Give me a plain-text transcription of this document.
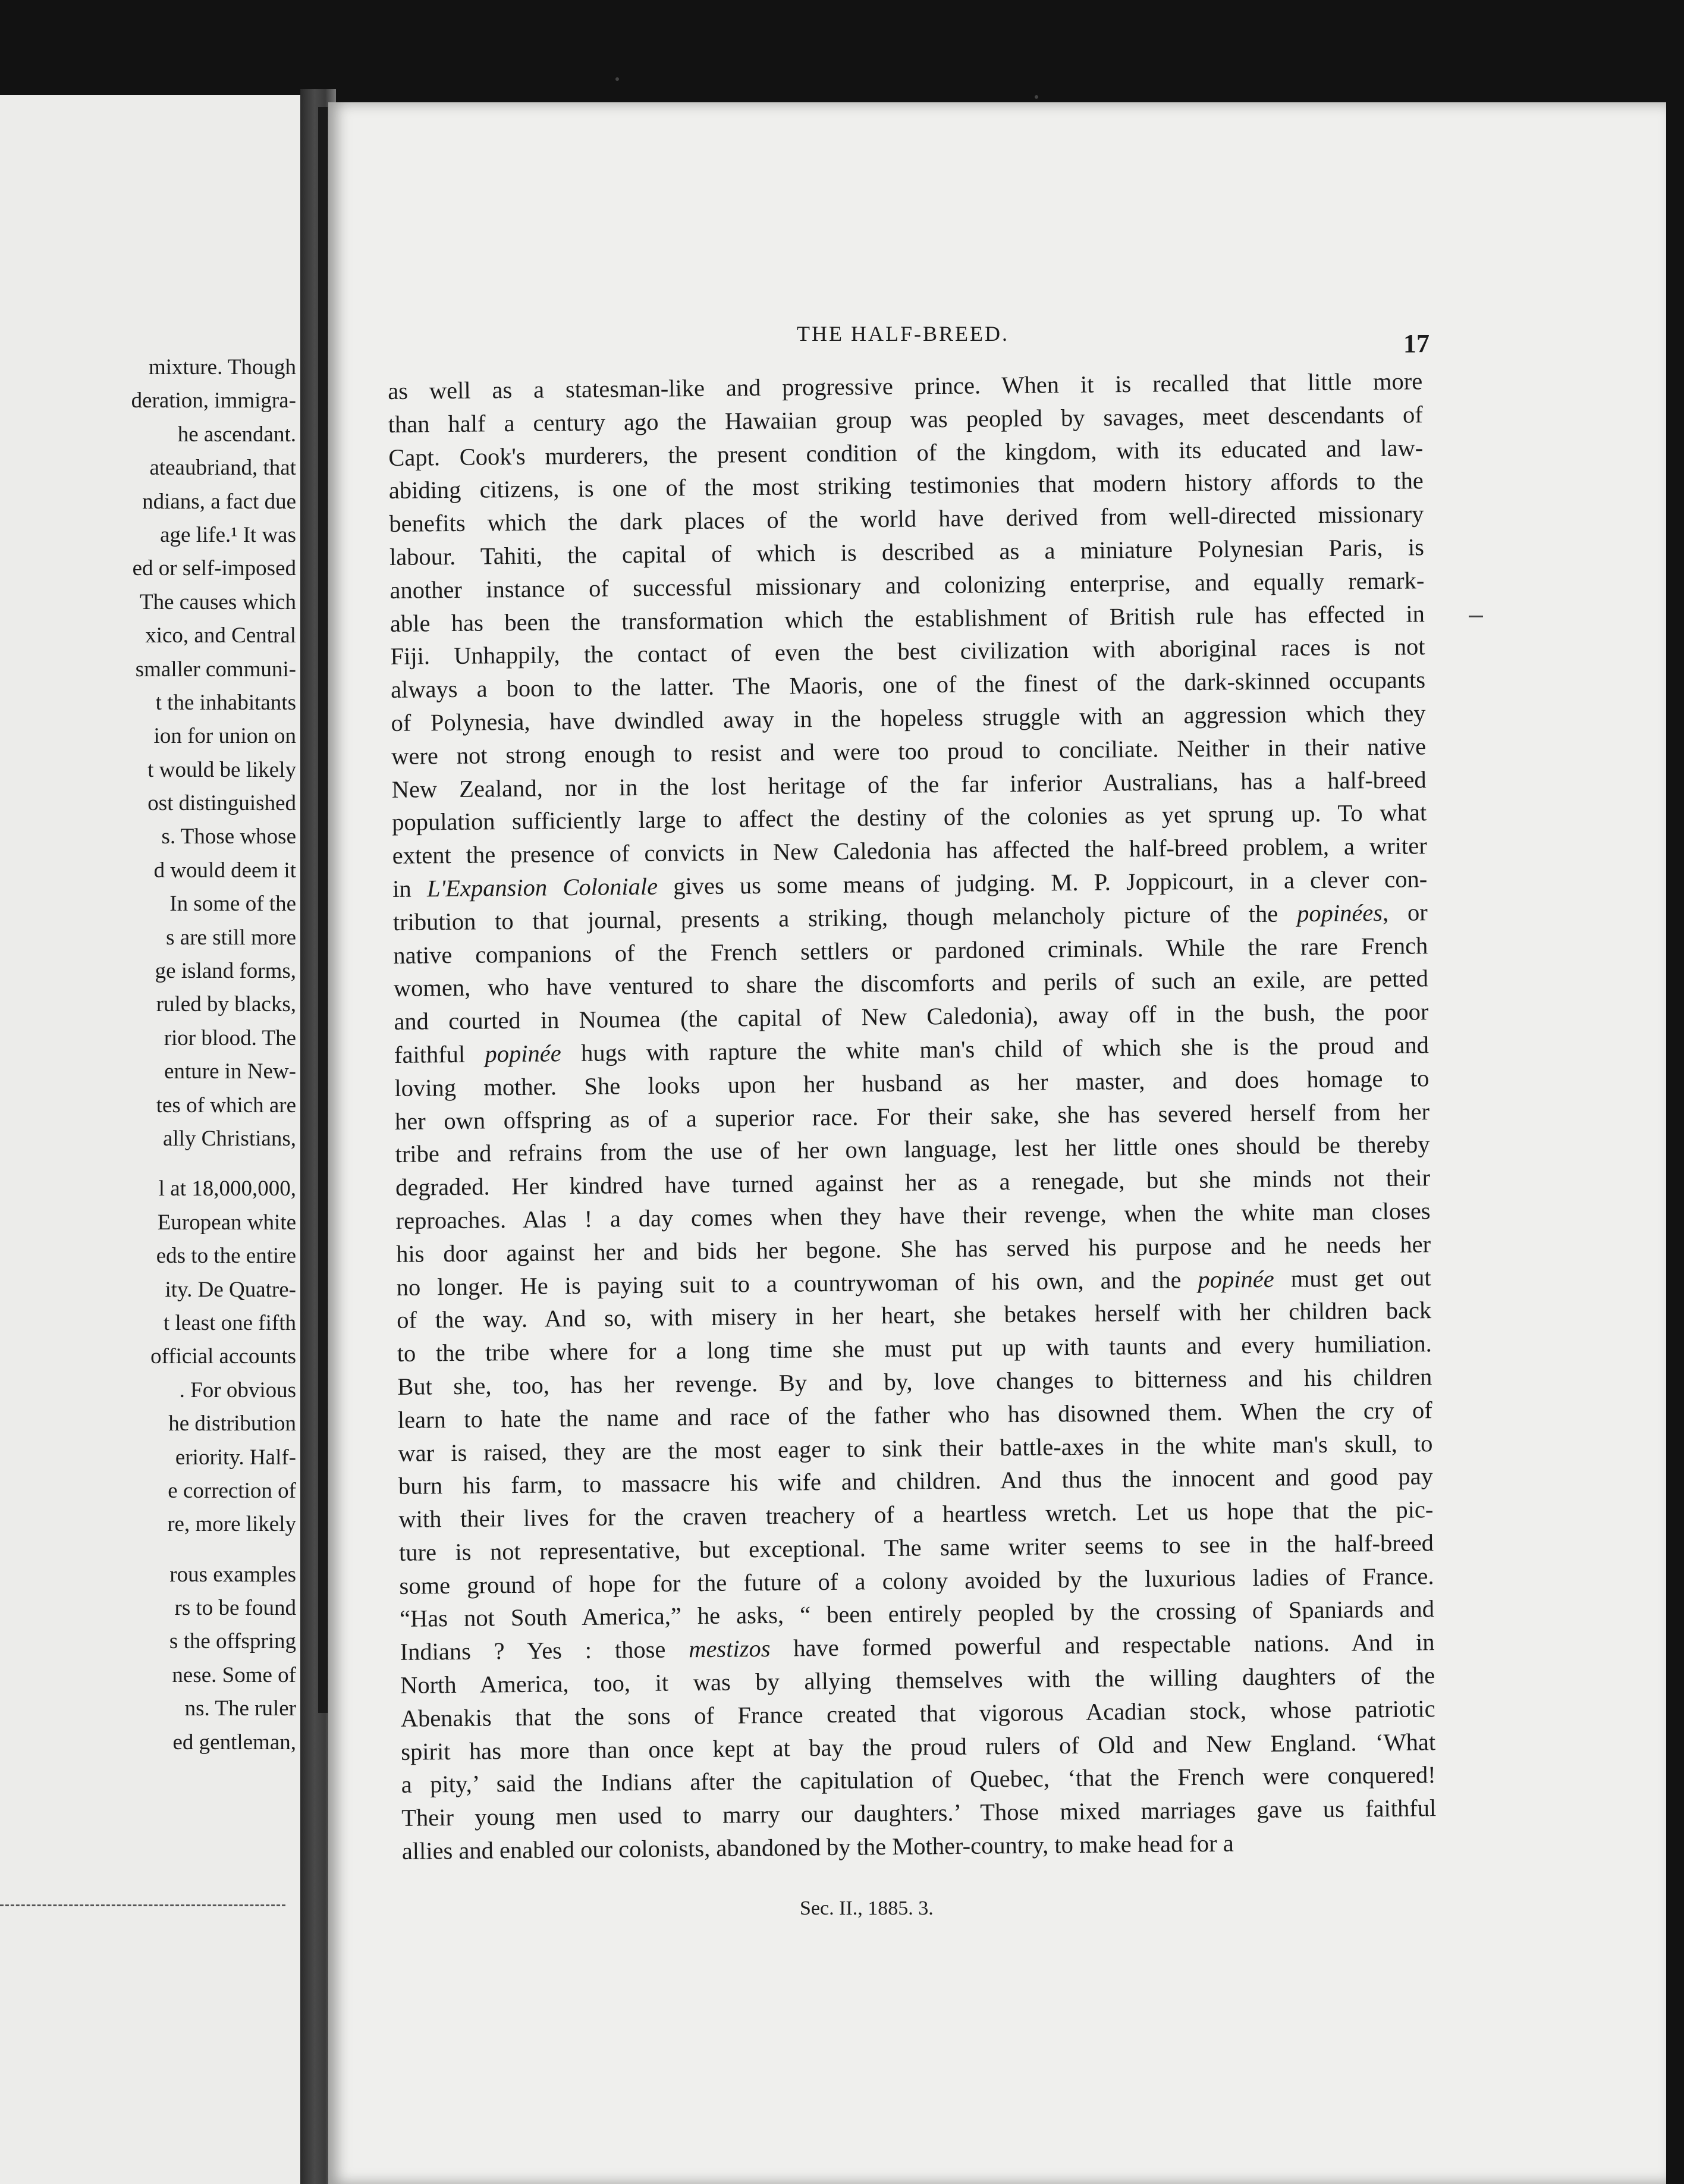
mixture. Though
deration, immigra-
he ascendant.
ateaubriand, that
ndians, a fact due
age life.¹ It was
ed or self-imposed
The causes which
xico, and Central
smaller communi-
t the inhabitants
ion for union on
t would be likely
ost distinguished
s. Those whose
d would deem it
In some of the
s are still more
ge island forms,
ruled by blacks,
rior blood. The
enture in New-
tes of which are
ally Christians,
l at 18,000,000,
European white
eds to the entire
ity. De Quatre-
t least one fifth
official accounts
. For obvious
he distribution
eriority. Half-
e correction of
re, more likely
rous examples
rs to be found
s the offspring
nese. Some of
ns. The ruler
ed gentleman,
THE HALF-BREED.	17
as well as a statesman-like and progressive prince. When it is recalled that little more
than half a century ago the Hawaiian group was peopled by savages, meet descendants of
Capt. Cook's murderers, the present condition of the kingdom, with its educated and law-
abiding citizens, is one of the most striking testimonies that modern history affords to the
benefits which the dark places of the world have derived from well-directed missionary
labour. Tahiti, the capital of which is described as a miniature Polynesian Paris, is
another instance of successful missionary and colonizing enterprise, and equally remark-
able has been the transformation which the establishment of British rule has effected in
Fiji. Unhappily, the contact of even the best civilization with aboriginal races is not
always a boon to the latter. The Maoris, one of the finest of the dark-skinned occupants
of Polynesia, have dwindled away in the hopeless struggle with an aggression which they
were not strong enough to resist and were too proud to conciliate. Neither in their native
New Zealand, nor in the lost heritage of the far inferior Australians, has a half-breed
population sufficiently large to affect the destiny of the colonies as yet sprung up. To what
extent the presence of convicts in New Caledonia has affected the half-breed problem, a writer
in L'Expansion Coloniale gives us some means of judging. M. P. Joppicourt, in a clever con-
tribution to that journal, presents a striking, though melancholy picture of the popinées, or
native companions of the French settlers or pardoned criminals. While the rare French
women, who have ventured to share the discomforts and perils of such an exile, are petted
and courted in Noumea (the capital of New Caledonia), away off in the bush, the poor
faithful popinée hugs with rapture the white man's child of which she is the proud and
loving mother. She looks upon her husband as her master, and does homage to
her own offspring as of a superior race. For their sake, she has severed herself from her
tribe and refrains from the use of her own language, lest her little ones should be thereby
degraded. Her kindred have turned against her as a renegade, but she minds not their
reproaches. Alas ! a day comes when they have their revenge, when the white man closes
his door against her and bids her begone. She has served his purpose and he needs her
no longer. He is paying suit to a countrywoman of his own, and the popinée must get out
of the way. And so, with misery in her heart, she betakes herself with her children back
to the tribe where for a long time she must put up with taunts and every humiliation.
But she, too, has her revenge. By and by, love changes to bitterness and his children
learn to hate the name and race of the father who has disowned them. When the cry of
war is raised, they are the most eager to sink their battle-axes in the white man's skull, to
burn his farm, to massacre his wife and children. And thus the innocent and good pay
with their lives for the craven treachery of a heartless wretch. Let us hope that the pic-
ture is not representative, but exceptional. The same writer seems to see in the half-breed
some ground of hope for the future of a colony avoided by the luxurious ladies of France.
“Has not South America,” he asks, “ been entirely peopled by the crossing of Spaniards and
Indians ? Yes : those mestizos have formed powerful and respectable nations. And in
North America, too, it was by allying themselves with the willing daughters of the
Abenakis that the sons of France created that vigorous Acadian stock, whose patriotic
spirit has more than once kept at bay the proud rulers of Old and New England. ‘What
a pity,’ said the Indians after the capitulation of Quebec, ‘that the French were conquered!
Their young men used to marry our daughters.’ Those mixed marriages gave us faithful
allies and enabled our colonists, abandoned by the Mother-country, to make head for a
Sec. II., 1885. 3.
